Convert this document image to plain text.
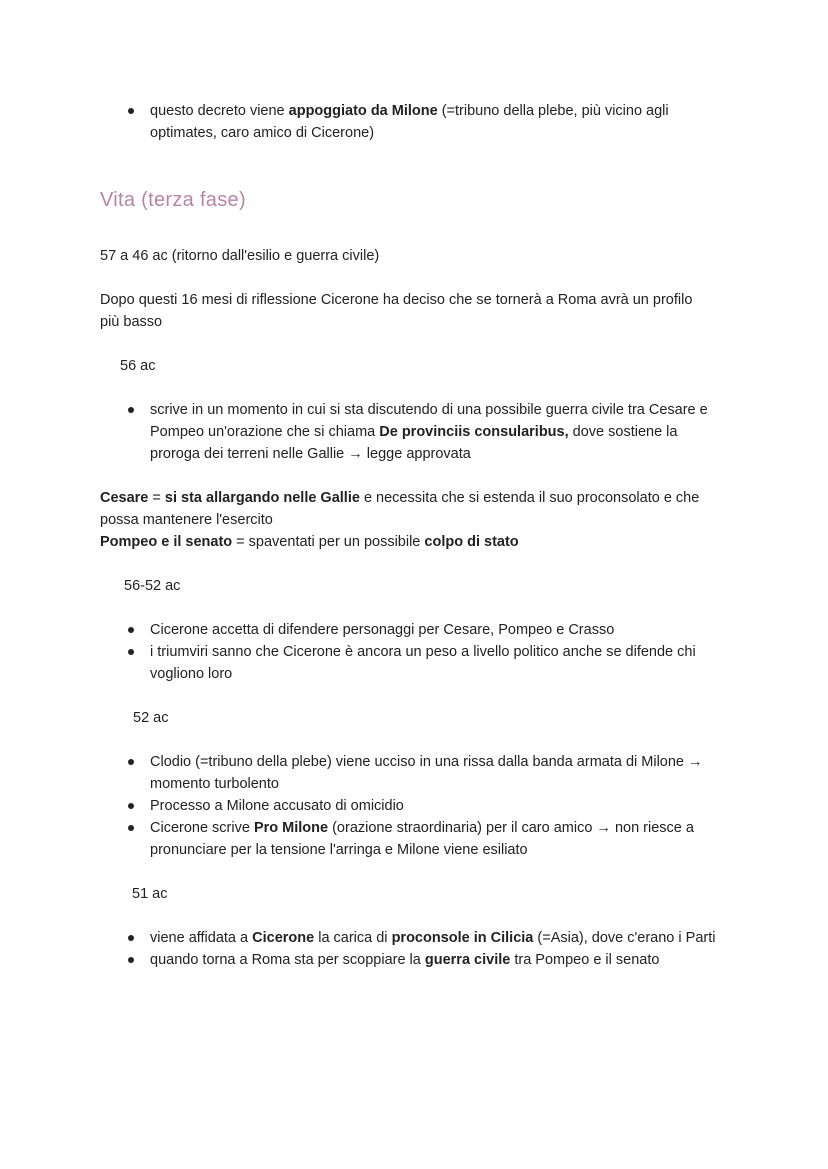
questo decreto viene appoggiato da Milone (=tribuno della plebe, più vicino agli optimates, caro amico di Cicerone)
Vita (terza fase)

57 a 46 ac (ritorno dall'esilio e guerra civile)

Dopo questi 16 mesi di riflessione Cicerone ha deciso che se tornerà a Roma avrà un profilo più basso

56 ac

scrive in un momento in cui si sta discutendo di una possibile guerra civile tra Cesare e Pompeo un'orazione che si chiama De provinciis consularibus, dove sostiene la proroga dei terreni nelle Gallie → legge approvata

Cesare = si sta allargando nelle Gallie e necessita che si estenda il suo proconsolato e che possa mantenere l'esercito

Pompeo e il senato = spaventati per un possibile colpo di stato

56-52 ac

Cicerone accetta di difendere personaggi per Cesare, Pompeo e Crasso
i triumviri sanno che Cicerone è ancora un peso a livello politico anche se difende chi vogliono loro

52 ac

Clodio (=tribuno della plebe) viene ucciso in una rissa dalla banda armata di Milone → momento turbolento
Processo a Milone accusato di omicidio
Cicerone scrive Pro Milone (orazione straordinaria) per il caro amico → non riesce a pronunciare per la tensione l'arringa e Milone viene esiliato

51 ac

viene affidata a Cicerone la carica di proconsole in Cilicia (=Asia), dove c'erano i Parti
quando torna a Roma sta per scoppiare la guerra civile tra Pompeo e il senato
